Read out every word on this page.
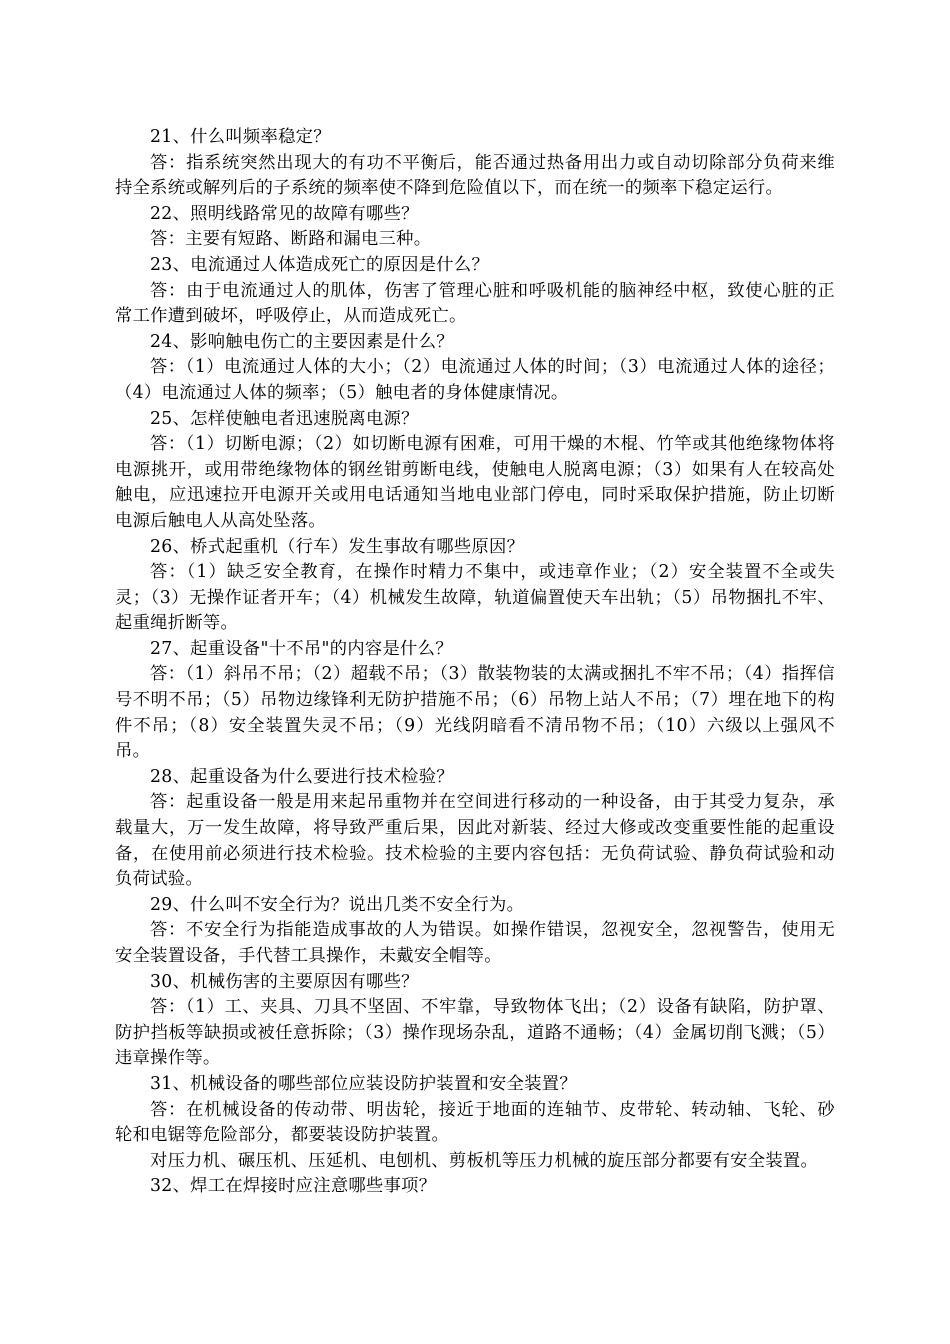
21、什么叫频率稳定？

答：指系统突然出现大的有功不平衡后，能否通过热备用出力或自动切除部分负荷来维持全系统或解列后的子系统的频率使不降到危险值以下，而在统一的频率下稳定运行。

22、照明线路常见的故障有哪些？

答：主要有短路、断路和漏电三种。

23、电流通过人体造成死亡的原因是什么？

答：由于电流通过人的肌体，伤害了管理心脏和呼吸机能的脑神经中枢，致使心脏的正常工作遭到破坏，呼吸停止，从而造成死亡。

24、影响触电伤亡的主要因素是什么？

答：（1）电流通过人体的大小；（2）电流通过人体的时间；（3）电流通过人体的途径；（4）电流通过人体的频率；（5）触电者的身体健康情况。

25、怎样使触电者迅速脱离电源？

答：（1）切断电源；（2）如切断电源有困难，可用干燥的木棍、竹竿或其他绝缘物体将电源挑开，或用带绝缘物体的钢丝钳剪断电线，使触电人脱离电源；（3）如果有人在较高处触电，应迅速拉开电源开关或用电话通知当地电业部门停电，同时采取保护措施，防止切断电源后触电人从高处坠落。

26、桥式起重机（行车）发生事故有哪些原因？

答：（1）缺乏安全教育，在操作时精力不集中，或违章作业；（2）安全装置不全或失灵；（3）无操作证者开车；（4）机械发生故障，轨道偏置使天车出轨；（5）吊物捆扎不牢、起重绳折断等。

27、起重设备"十不吊"的内容是什么？

答：（1）斜吊不吊；（2）超载不吊；（3）散装物装的太满或捆扎不牢不吊；（4）指挥信号不明不吊；（5）吊物边缘锋利无防护措施不吊；（6）吊物上站人不吊；（7）埋在地下的构件不吊；（8）安全装置失灵不吊；（9）光线阴暗看不清吊物不吊；（10）六级以上强风不吊。

28、起重设备为什么要进行技术检验？

答：起重设备一般是用来起吊重物并在空间进行移动的一种设备，由于其受力复杂，承载量大，万一发生故障，将导致严重后果，因此对新装、经过大修或改变重要性能的起重设备，在使用前必须进行技术检验。技术检验的主要内容包括：无负荷试验、静负荷试验和动负荷试验。

29、什么叫不安全行为？说出几类不安全行为。

答：不安全行为指能造成事故的人为错误。如操作错误，忽视安全，忽视警告，使用无安全装置设备，手代替工具操作，未戴安全帽等。

30、机械伤害的主要原因有哪些？

答：（1）工、夹具、刀具不坚固、不牢靠，导致物体飞出；（2）设备有缺陷，防护罩、防护挡板等缺损或被任意拆除；（3）操作现场杂乱，道路不通畅；（4）金属切削飞溅；（5）违章操作等。

31、机械设备的哪些部位应装设防护装置和安全装置？

答：在机械设备的传动带、明齿轮，接近于地面的连轴节、皮带轮、转动轴、飞轮、砂轮和电锯等危险部分，都要装设防护装置。

对压力机、碾压机、压延机、电刨机、剪板机等压力机械的旋压部分都要有安全装置。

32、焊工在焊接时应注意哪些事项？
